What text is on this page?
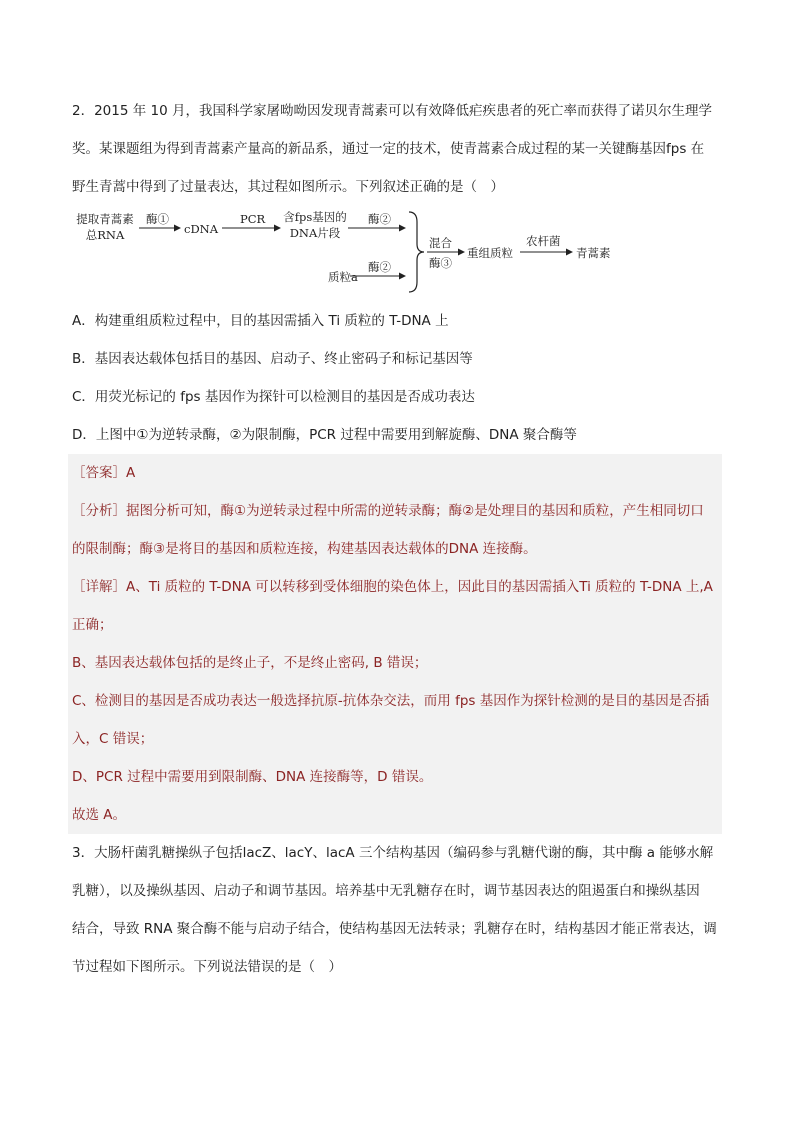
2．2015 年 10 月，我国科学家屠呦呦因发现青蒿素可以有效降低疟疾患者的死亡率而获得了诺贝尔生理学

奖。某课题组为得到青蒿素产量高的新品系，通过一定的技术，使青蒿素合成过程的某一关键酶基因fps 在

野生青蒿中得到了过量表达，其过程如图所示。下列叙述正确的是（　）

提取青蒿素
总RNA
酶①
cDNA
PCR 含fps基因的
DNA片段
酶②
质粒a
酶②
混合
酶③
重组质粒
农杆菌
青蒿素

A．构建重组质粒过程中，目的基因需插入 Ti 质粒的 T-DNA 上

B．基因表达载体包括目的基因、启动子、终止密码子和标记基因等

C．用荧光标记的 fps 基因作为探针可以检测目的基因是否成功表达

D．上图中①为逆转录酶，②为限制酶，PCR 过程中需要用到解旋酶、DNA 聚合酶等

［答案］A

［分析］据图分析可知，酶①为逆转录过程中所需的逆转录酶；酶②是处理目的基因和质粒，产生相同切口

的限制酶；酶③是将目的基因和质粒连接，构建基因表达载体的DNA 连接酶。

［详解］A、Ti 质粒的 T-DNA 可以转移到受体细胞的染色体上，因此目的基因需插入Ti 质粒的 T-DNA 上,A

正确；

B、基因表达载体包括的是终止子，不是终止密码, B 错误；

C、检测目的基因是否成功表达一般选择抗原-抗体杂交法，而用 fps 基因作为探针检测的是目的基因是否插

入，C 错误；

D、PCR 过程中需要用到限制酶、DNA 连接酶等，D 错误。

故选 A。

3．大肠杆菌乳糖操纵子包括lacZ、lacY、lacA 三个结构基因（编码参与乳糖代谢的酶，其中酶 a 能够水解

乳糖），以及操纵基因、启动子和调节基因。培养基中无乳糖存在时，调节基因表达的阻遏蛋白和操纵基因

结合，导致 RNA 聚合酶不能与启动子结合，使结构基因无法转录；乳糖存在时，结构基因才能正常表达，调

节过程如下图所示。下列说法错误的是（　）
